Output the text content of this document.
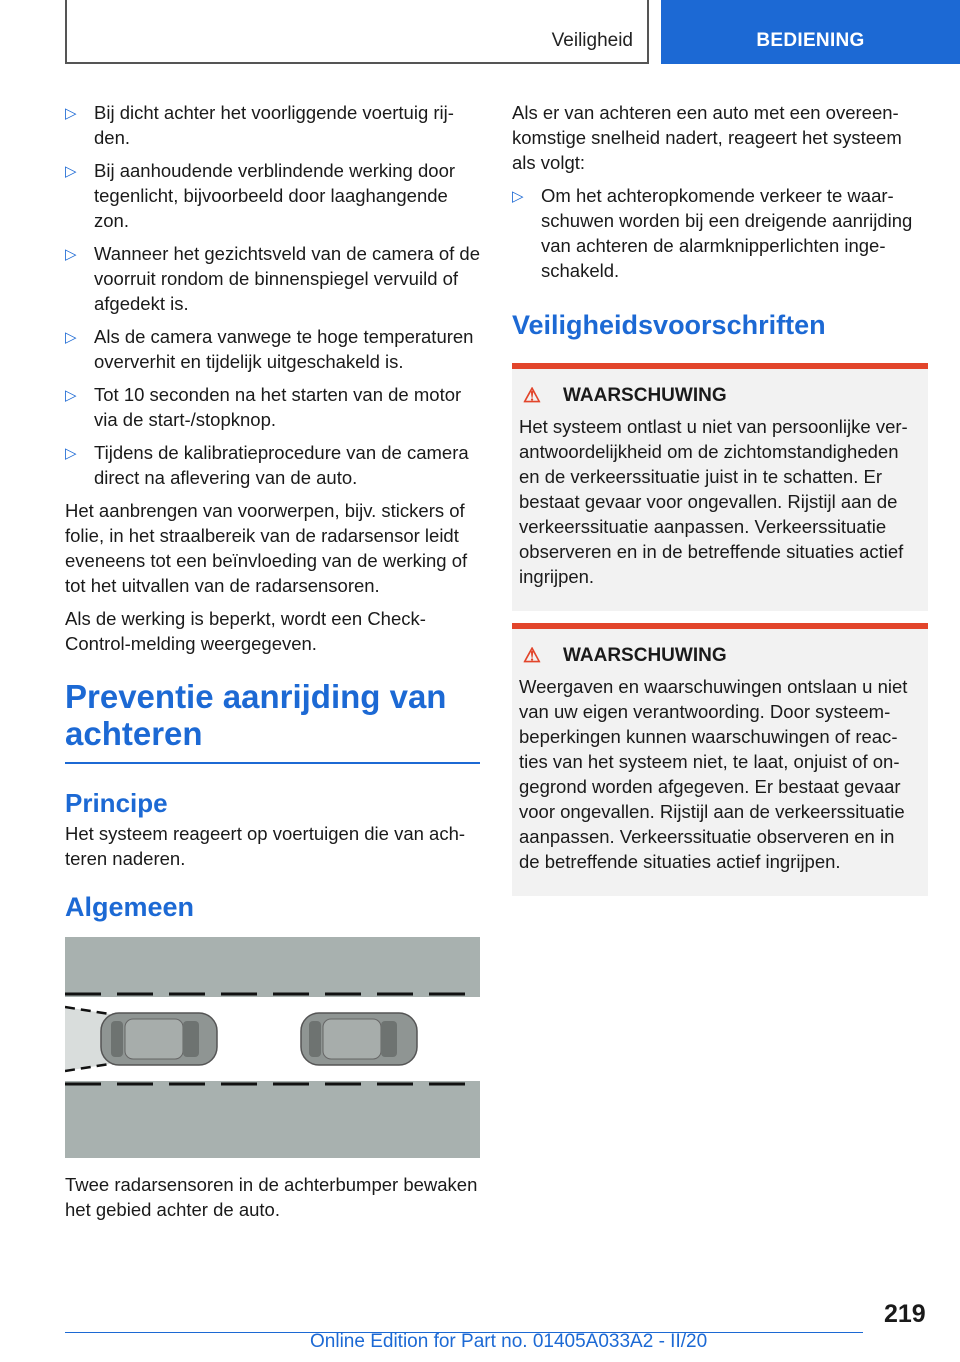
Veiligheid	BEDIENING
▷ Bij dicht achter het voorliggende voertuig rijden.
▷ Bij aanhoudende verblindende werking door tegenlicht, bijvoorbeeld door laaghangende zon.
▷ Wanneer het gezichtsveld van de camera of de voorruit rondom de binnenspiegel vervuild of afgedekt is.
▷ Als de camera vanwege te hoge temperaturen oververhit en tijdelijk uitgeschakeld is.
▷ Tot 10 seconden na het starten van de motor via de start-/stopknop.
▷ Tijdens de kalibratieprocedure van de camera direct na aflevering van de auto.

Het aanbrengen van voorwerpen, bijv. stickers of folie, in het straalbereik van de radarsensor leidt eveneens tot een beïnvloeding van de werking of tot het uitvallen van de radarsensoren.

Als de werking is beperkt, wordt een Check-Control-melding weergegeven.

Preventie aanrijding van achteren
Principe

Het systeem reageert op voertuigen die van achteren naderen.

Algemeen

Twee radarsensoren in de achterbumper bewaken het gebied achter de auto.

Als er van achteren een auto met een overeenkomstige snelheid nadert, reageert het systeem als volgt:

▷ Om het achteropkomende verkeer te waarschuwen worden bij een dreigende aanrijding van achteren de alarmknipperlichten ingeschakeld.
Veiligheidsvoorschriften
⚠	WAARSCHUWING

Het systeem ontlast u niet van persoonlijke verantwoordelijkheid om de zichtomstandigheden en de verkeerssituatie juist in te schatten. Er bestaat gevaar voor ongevallen. Rijstijl aan de verkeerssituatie aanpassen. Verkeerssituatie observeren en in de betreffende situaties actief ingrijpen.

⚠	WAARSCHUWING

Weergaven en waarschuwingen ontslaan u niet van uw eigen verantwoording. Door systeembeperkingen kunnen waarschuwingen of reacties van het systeem niet, te laat, onjuist of ongegrond worden afgegeven. Er bestaat gevaar voor ongevallen. Rijstijl aan de verkeerssituatie aanpassen. Verkeerssituatie observeren en in de betreffende situaties actief ingrijpen.

219
Online Edition for Part no. 01405A033A2 - II/20
